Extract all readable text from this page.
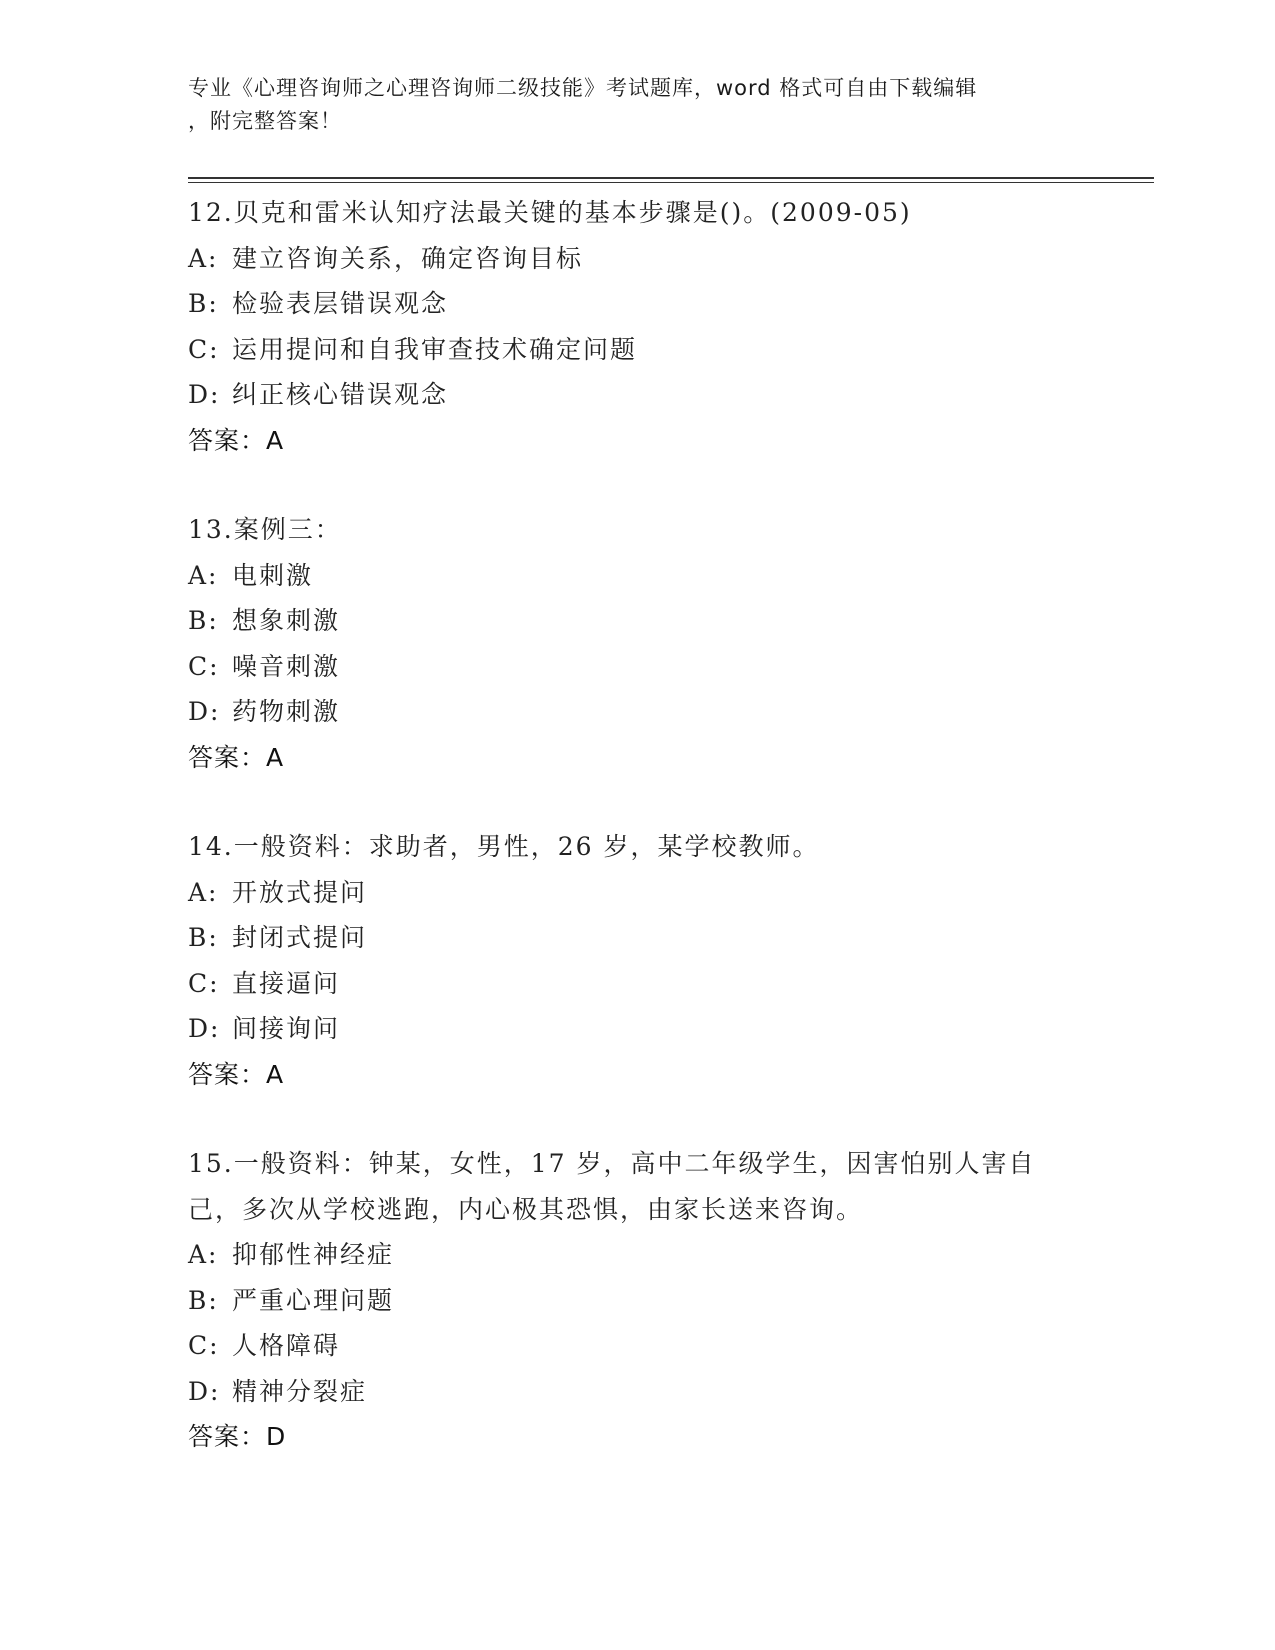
专业《心理咨询师之心理咨询师二级技能》考试题库，word 格式可自由下载编辑
，附完整答案！
12.贝克和雷米认知疗法最关键的基本步骤是()。(2009-05)
A: 建立咨询关系，确定咨询目标
B: 检验表层错误观念
C: 运用提问和自我审查技术确定问题
D: 纠正核心错误观念
答案：A
13.案例三：
A: 电刺激
B: 想象刺激
C: 噪音刺激
D: 药物刺激
答案：A
14.一般资料：求助者，男性，26 岁，某学校教师。
A: 开放式提问
B: 封闭式提问
C: 直接逼问
D: 间接询问
答案：A
15.一般资料：钟某，女性，17 岁，高中二年级学生，因害怕别人害自己，多次从学校逃跑，内心极其恐惧，由家长送来咨询。
A: 抑郁性神经症
B: 严重心理问题
C: 人格障碍
D: 精神分裂症
答案：D
